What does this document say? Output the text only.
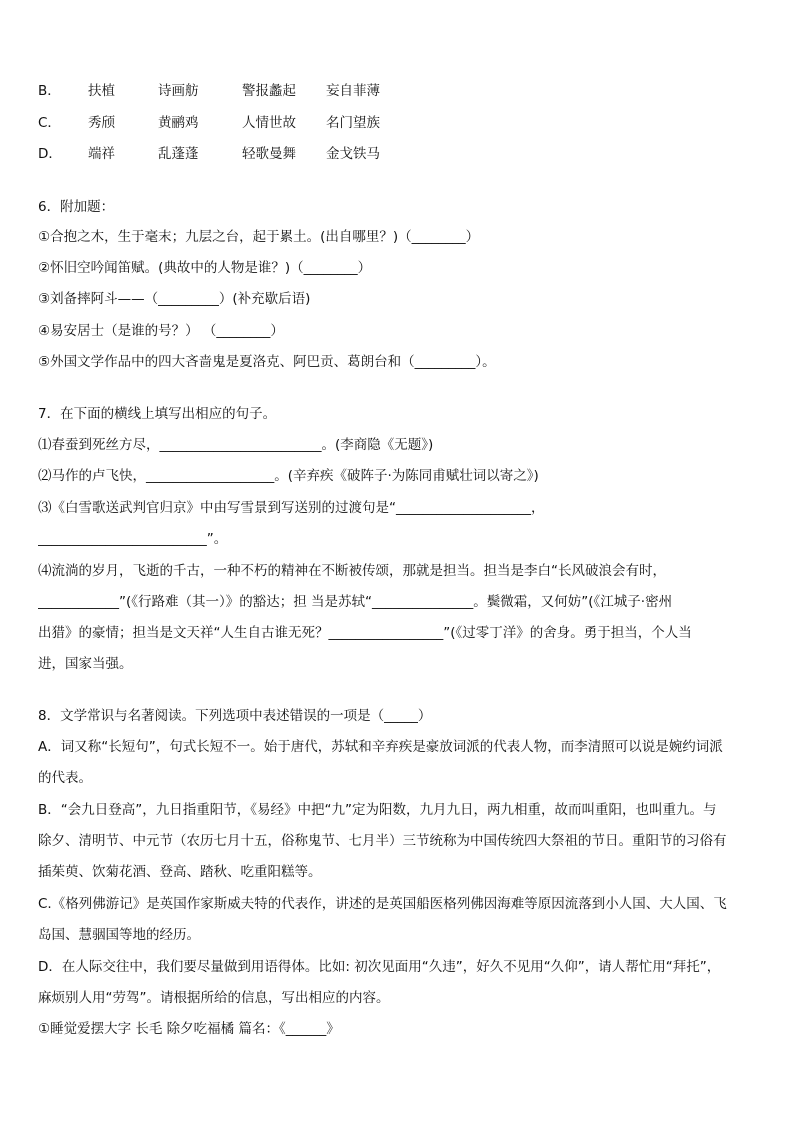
B． 扶植	诗画舫	警报蠡起 妄自菲薄
C． 秀颀	黄鹂鸡	人情世故 名门望族
D． 端祥	乱蓬蓬	轻歌曼舞 金戈铁马
6．附加题：
①合抱之木，生于毫末；九层之台，起于累土。(出自哪里？)（________）
②怀旧空吟闻笛赋。(典故中的人物是谁？)（________）
③刘备摔阿斗——（_________）(补充歇后语)
④易安居士（是谁的号？） （________）
⑤外国文学作品中的四大吝啬鬼是夏洛克、阿巴贡、葛朗台和（_________）。
7．在下面的横线上填写出相应的句子。
⑴春蚕到死丝方尽，________________________。(李商隐《无题》)
⑵马作的卢飞快，___________________。(辛弃疾《破阵子·为陈同甫赋壮词以寄之》)
⑶《白雪歌送武判官归京》中由写雪景到写送别的过渡句是“____________________，
_________________________”。
⑷流淌的岁月，飞逝的千古，一种不朽的精神在不断被传颂，那就是担当。担当是李白“长风破浪会有时，
____________”(《行路难（其一）》的豁达；担 当是苏轼“_______________。鬓微霜，又何妨”(《江城子·密州
出猎》的豪情；担当是文天祥“人生自古谁无死？_________________”(《过零丁洋》的舍身。勇于担当，个人当
进，国家当强。
8．文学常识与名著阅读。下列选项中表述错误的一项是（_____）
A．词又称“长短句”，句式长短不一。始于唐代，苏轼和辛弃疾是豪放词派的代表人物，而李清照可以说是婉约词派
的代表。
B．“会九日登高”，九日指重阳节，《易经》中把“九”定为阳数，九月九日，两九相重，故而叫重阳，也叫重九。与
除夕、清明节、中元节（农历七月十五，俗称鬼节、七月半）三节统称为中国传统四大祭祖的节日。重阳节的习俗有
插茱萸、饮菊花酒、登高、踏秋、吃重阳糕等。
C.《格列佛游记》是英国作家斯威夫特的代表作，讲述的是英国船医格列佛因海难等原因流落到小人国、大人国、飞
岛国、慧骃国等地的经历。
D．在人际交往中，我们要尽量做到用语得体。比如: 初次见面用“久违”，好久不见用“久仰”，请人帮忙用“拜托”，
麻烦别人用“劳驾”。请根据所给的信息，写出相应的内容。
①睡觉爱摆大字 长毛 除夕吃福橘 篇名：《______》
